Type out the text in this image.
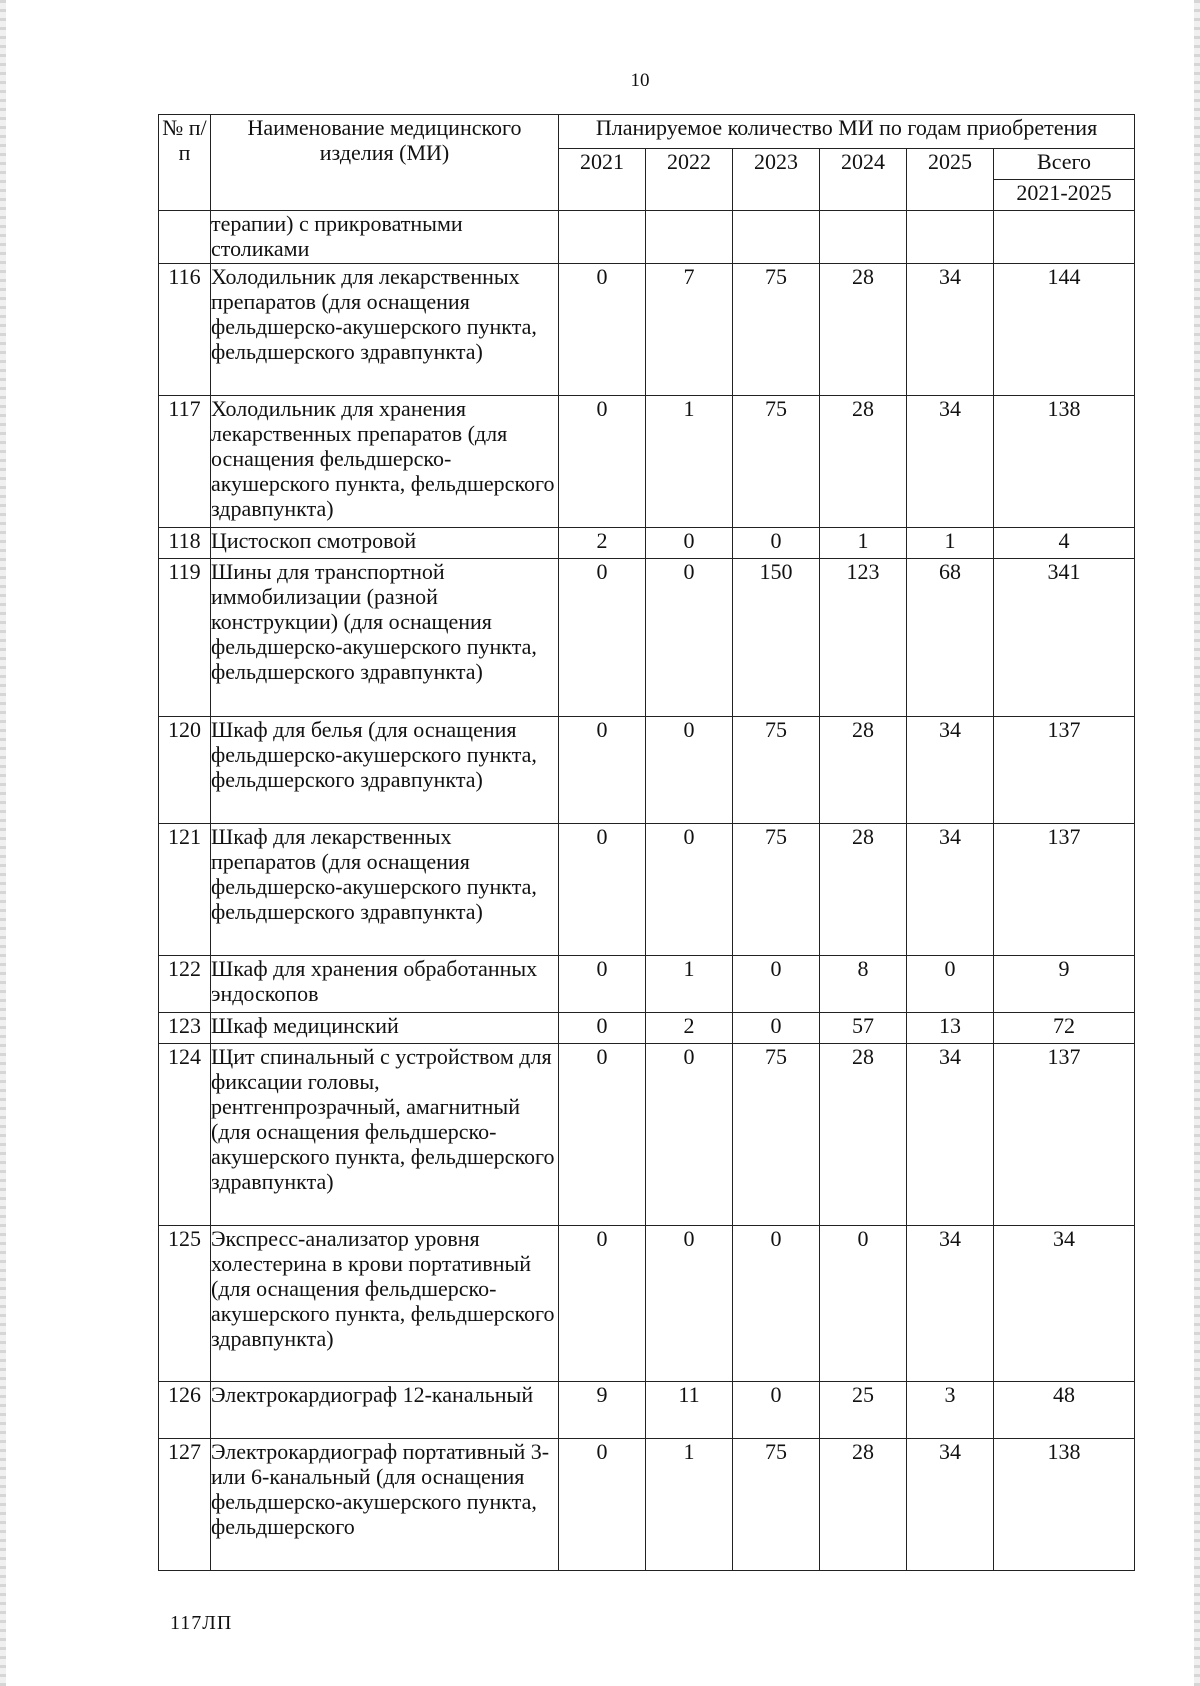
10
№ п/п	Наименование медицинского изделия (МИ)	Планируемое количество МИ по годам приобретения					
		2021	2022	2023	2024	2025	Всего
							2021-2025
	терапии) с прикроватными столиками						
116	Холодильник для лекарственных препаратов (для оснащения фельдшерско-акушерского пункта, фельдшерского здравпункта)	0	7	75	28	34	144
117	Холодильник для хранения лекарственных препаратов (для оснащения фельдшерско-акушерского пункта, фельдшерского здравпункта)	0	1	75	28	34	138
118	Цистоскоп смотровой	2	0	0	1	1	4
119	Шины для транспортной иммобилизации (разной конструкции) (для оснащения фельдшерско-акушерского пункта, фельдшерского здравпункта)	0	0	150	123	68	341
120	Шкаф для белья (для оснащения фельдшерско-акушерского пункта, фельдшерского здравпункта)	0	0	75	28	34	137
121	Шкаф для лекарственных препаратов (для оснащения фельдшерско-акушерского пункта, фельдшерского здравпункта)	0	0	75	28	34	137
122	Шкаф для хранения обработанных эндоскопов	0	1	0	8	0	9
123	Шкаф медицинский	0	2	0	57	13	72
124	Щит спинальный с устройством для фиксации головы, рентгенпрозрачный, амагнитный (для оснащения фельдшерско-акушерского пункта, фельдшерского здравпункта)	0	0	75	28	34	137
125	Экспресс-анализатор уровня холестерина в крови портативный (для оснащения фельдшерско-акушерского пункта, фельдшерского здравпункта)	0	0	0	0	34	34
126	Электрокардиограф 12-канальный	9	11	0	25	3	48
127	Электрокардиограф портативный 3- или 6-канальный (для оснащения фельдшерско-акушерского пункта, фельдшерского	0	1	75	28	34	138
117ЛП
